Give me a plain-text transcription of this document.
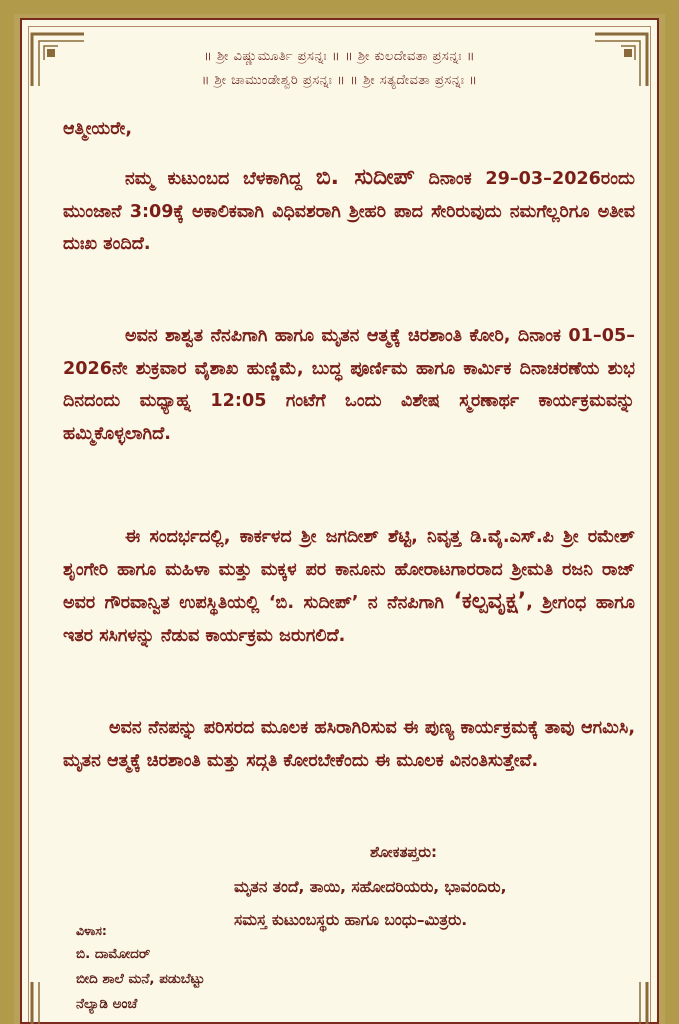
॥ ಶ್ರೀ ವಿಷ್ಣುಮೂರ್ತಿ ಪ್ರಸನ್ನಃ ॥ ॥ ಶ್ರೀ ಕುಲದೇವತಾ ಪ್ರಸನ್ನಃ ॥
॥ ಶ್ರೀ ಚಾಮುಂಡೇಶ್ವರಿ ಪ್ರಸನ್ನಃ ॥ ॥ ಶ್ರೀ ಸತ್ಯದೇವತಾ ಪ್ರಸನ್ನಃ ॥
ಆತ್ಮೀಯರೇ,

ನಮ್ಮ ಕುಟುಂಬದ ಬೆಳಕಾಗಿದ್ದ ಬಿ. ಸುದೀಪ್ ದಿನಾಂಕ 29–03–2026ರಂದು ಮುಂಜಾನೆ 3:09ಕ್ಕೆ ಅಕಾಲಿಕವಾಗಿ ವಿಧಿವಶರಾಗಿ ಶ್ರೀಹರಿ ಪಾದ ಸೇರಿರುವುದು ನಮಗೆಲ್ಲರಿಗೂ ಅತೀವ ದುಃಖ ತಂದಿದೆ.

ಅವನ ಶಾಶ್ವತ ನೆನಪಿಗಾಗಿ ಹಾಗೂ ಮೃತನ ಆತ್ಮಕ್ಕೆ ಚಿರಶಾಂತಿ ಕೋರಿ, ದಿನಾಂಕ 01–05–2026ನೇ ಶುಕ್ರವಾರ ವೈಶಾಖ ಹುಣ್ಣಿಮೆ, ಬುದ್ಧ ಪೂರ್ಣಿಮ ಹಾಗೂ ಕಾರ್ಮಿಕ ದಿನಾಚರಣೆಯ ಶುಭ ದಿನದಂದು ಮಧ್ಯಾಹ್ನ 12:05 ಗಂಟೆಗೆ ಒಂದು ವಿಶೇಷ ಸ್ಮರಣಾರ್ಥ ಕಾರ್ಯಕ್ರಮವನ್ನು ಹಮ್ಮಿಕೊಳ್ಳಲಾಗಿದೆ.

ಈ ಸಂದರ್ಭದಲ್ಲಿ, ಕಾರ್ಕಳದ ಶ್ರೀ ಜಗದೀಶ್ ಶೆಟ್ಟಿ, ನಿವೃತ್ತ ಡಿ.ವೈ.ಎಸ್.ಪಿ ಶ್ರೀ ರಮೇಶ್ ಶೃಂಗೇರಿ ಹಾಗೂ ಮಹಿಳಾ ಮತ್ತು ಮಕ್ಕಳ ಪರ ಕಾನೂನು ಹೋರಾಟಗಾರರಾದ ಶ್ರೀಮತಿ ರಜನಿ ರಾಜ್ ಅವರ ಗೌರವಾನ್ವಿತ ಉಪಸ್ಥಿತಿಯಲ್ಲಿ ‘ಬಿ. ಸುದೀಪ್’ ನ ನೆನಪಿಗಾಗಿ ‘ಕಲ್ಪವೃಕ್ಷ’, ಶ್ರೀಗಂಧ ಹಾಗೂ ಇತರ ಸಸಿಗಳನ್ನು ನೆಡುವ ಕಾರ್ಯಕ್ರಮ ಜರುಗಲಿದೆ.

ಅವನ ನೆನಪನ್ನು ಪರಿಸರದ ಮೂಲಕ ಹಸಿರಾಗಿರಿಸುವ ಈ ಪುಣ್ಯ ಕಾರ್ಯಕ್ರಮಕ್ಕೆ ತಾವು ಆಗಮಿಸಿ, ಮೃತನ ಆತ್ಮಕ್ಕೆ ಚಿರಶಾಂತಿ ಮತ್ತು ಸದ್ಗತಿ ಕೋರಬೇಕೆಂದು ಈ ಮೂಲಕ ವಿನಂತಿಸುತ್ತೇವೆ.

ಶೋಕತಪ್ತರು:
ಮೃತನ ತಂದೆ, ತಾಯಿ, ಸಹೋದರಿಯರು, ಭಾವಂದಿರು,
ಸಮಸ್ತ ಕುಟುಂಬಸ್ಥರು ಹಾಗೂ ಬಂಧು–ಮಿತ್ರರು.
ವಿಳಾಸ:
ಬಿ. ದಾಮೋದರ್
ಬೀದಿ ಶಾಲೆ ಮನೆ, ಪಡುಬೆಟ್ಟು
ನೆಲ್ಯಾಡಿ ಅಂಚೆ
